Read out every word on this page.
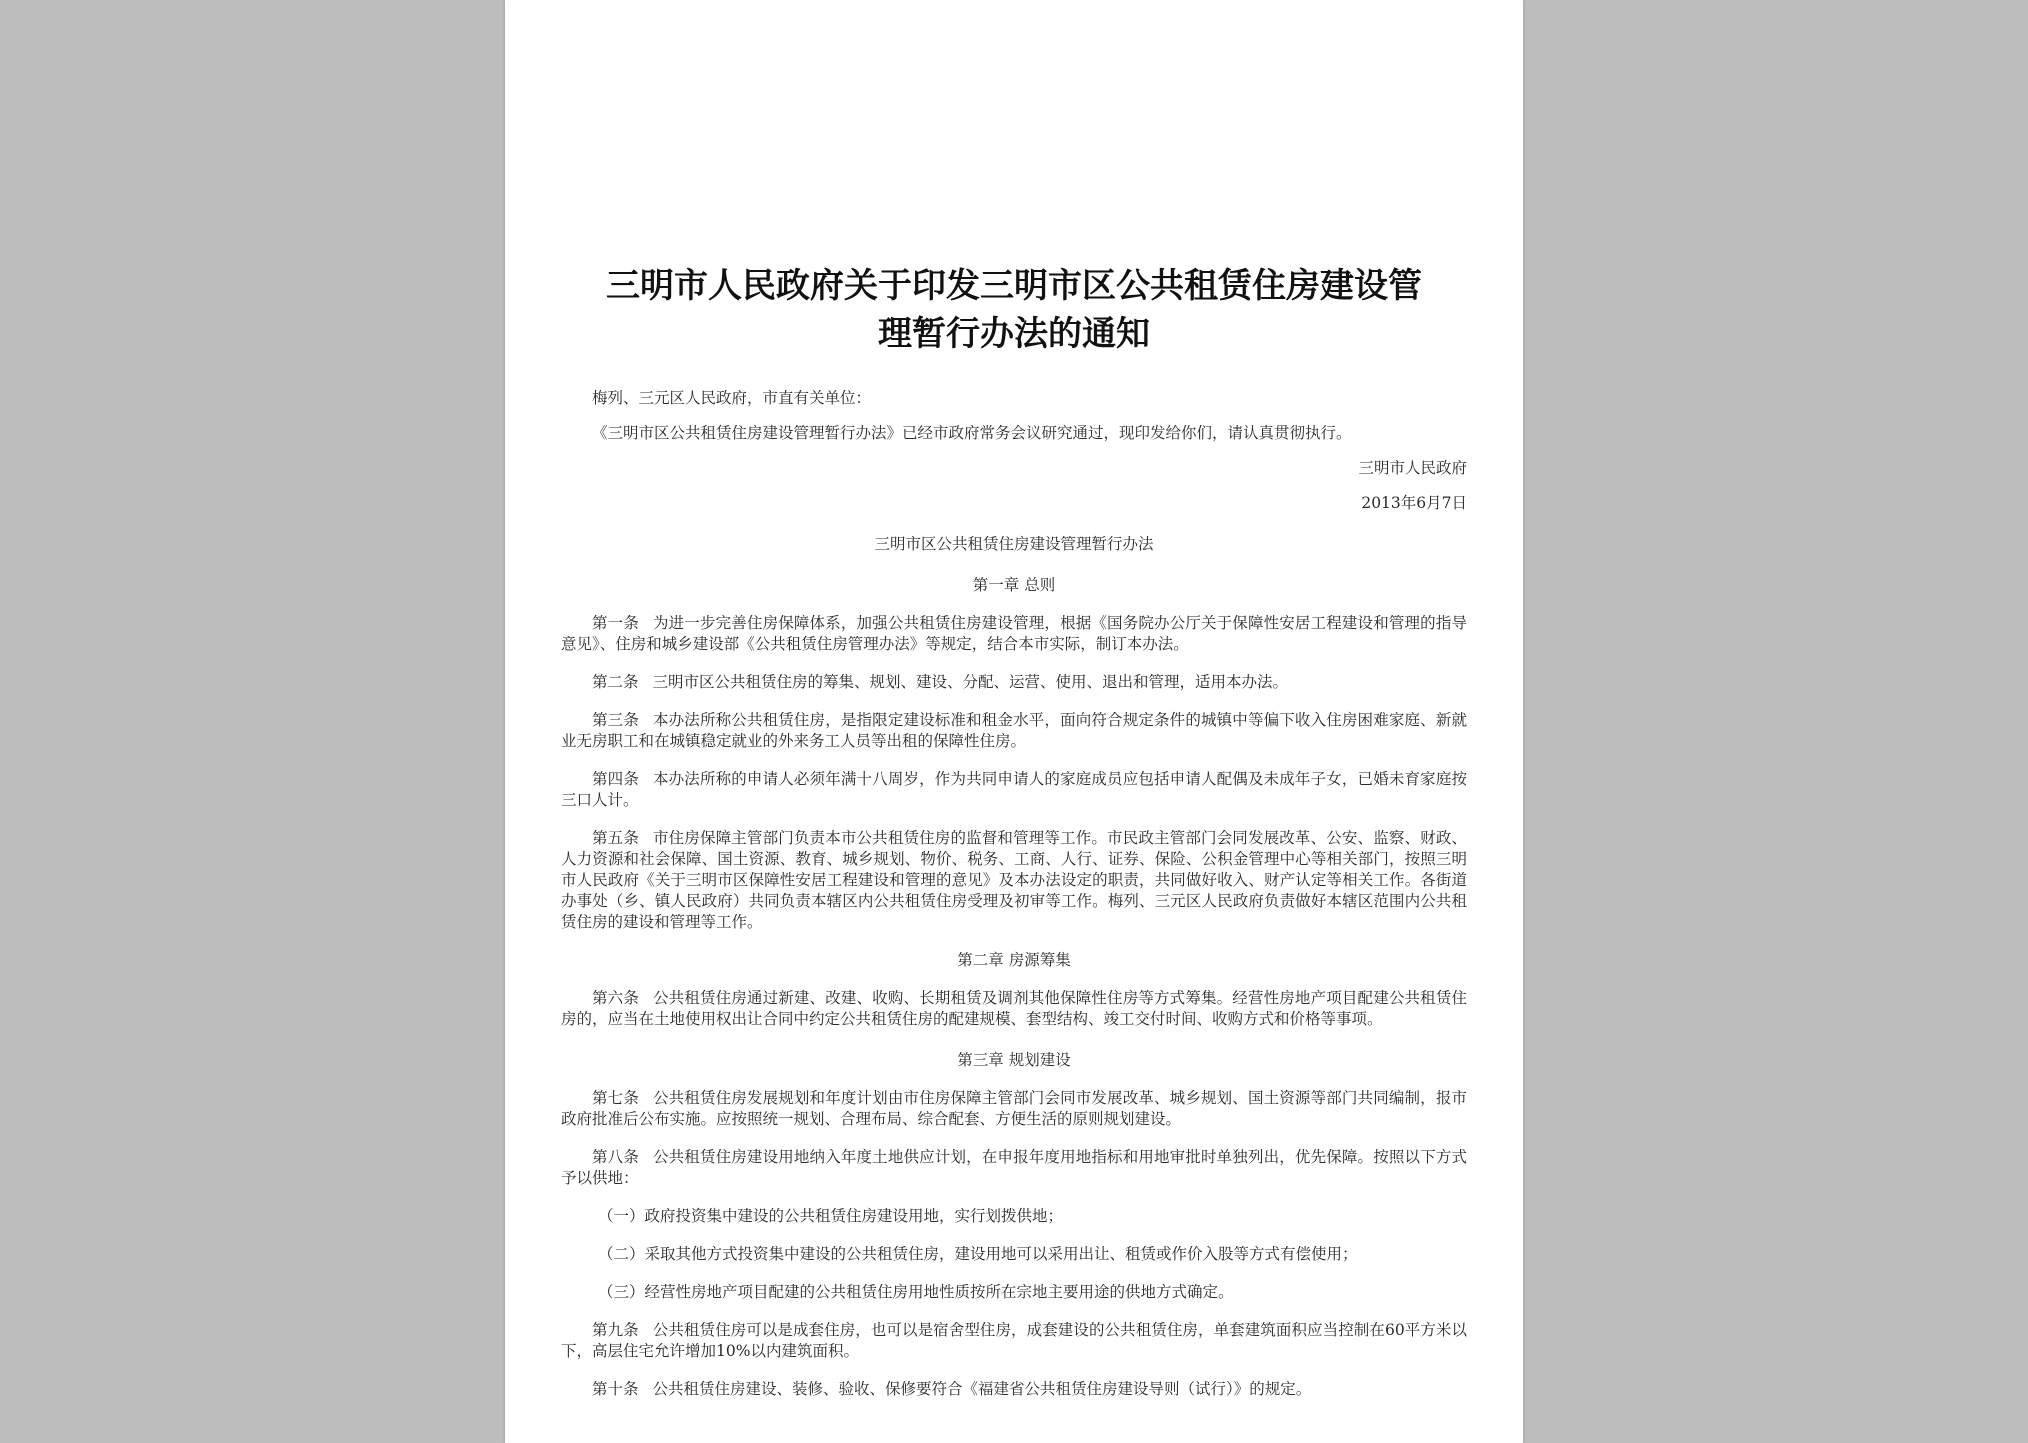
三明市人民政府关于印发三明市区公共租赁住房建设管
理暂行办法的通知

梅列、三元区人民政府，市直有关单位：

《三明市区公共租赁住房建设管理暂行办法》已经市政府常务会议研究通过，现印发给你们，请认真贯彻执行。

三明市人民政府

2013年6月7日

三明市区公共租赁住房建设管理暂行办法

第一章 总则

第一条 为进一步完善住房保障体系，加强公共租赁住房建设管理，根据《国务院办公厅关于保障性安居工程建设和管理的指导意见》、住房和城乡建设部《公共租赁住房管理办法》等规定，结合本市实际，制订本办法。

第二条 三明市区公共租赁住房的筹集、规划、建设、分配、运营、使用、退出和管理，适用本办法。

第三条 本办法所称公共租赁住房，是指限定建设标准和租金水平，面向符合规定条件的城镇中等偏下收入住房困难家庭、新就业无房职工和在城镇稳定就业的外来务工人员等出租的保障性住房。

第四条 本办法所称的申请人必须年满十八周岁，作为共同申请人的家庭成员应包括申请人配偶及未成年子女，已婚未育家庭按三口人计。

第五条 市住房保障主管部门负责本市公共租赁住房的监督和管理等工作。市民政主管部门会同发展改革、公安、监察、财政、人力资源和社会保障、国土资源、教育、城乡规划、物价、税务、工商、人行、证券、保险、公积金管理中心等相关部门，按照三明市人民政府《关于三明市区保障性安居工程建设和管理的意见》及本办法设定的职责，共同做好收入、财产认定等相关工作。各街道办事处（乡、镇人民政府）共同负责本辖区内公共租赁住房受理及初审等工作。梅列、三元区人民政府负责做好本辖区范围内公共租赁住房的建设和管理等工作。

第二章 房源筹集

第六条 公共租赁住房通过新建、改建、收购、长期租赁及调剂其他保障性住房等方式筹集。经营性房地产项目配建公共租赁住房的，应当在土地使用权出让合同中约定公共租赁住房的配建规模、套型结构、竣工交付时间、收购方式和价格等事项。

第三章 规划建设

第七条 公共租赁住房发展规划和年度计划由市住房保障主管部门会同市发展改革、城乡规划、国土资源等部门共同编制，报市政府批准后公布实施。应按照统一规划、合理布局、综合配套、方便生活的原则规划建设。

第八条 公共租赁住房建设用地纳入年度土地供应计划，在申报年度用地指标和用地审批时单独列出，优先保障。按照以下方式予以供地：

（一）政府投资集中建设的公共租赁住房建设用地，实行划拨供地；

（二）采取其他方式投资集中建设的公共租赁住房，建设用地可以采用出让、租赁或作价入股等方式有偿使用；

（三）经营性房地产项目配建的公共租赁住房用地性质按所在宗地主要用途的供地方式确定。

第九条 公共租赁住房可以是成套住房，也可以是宿舍型住房，成套建设的公共租赁住房，单套建筑面积应当控制在60平方米以下，高层住宅允许增加10%以内建筑面积。

第十条 公共租赁住房建设、装修、验收、保修要符合《福建省公共租赁住房建设导则（试行）》的规定。
